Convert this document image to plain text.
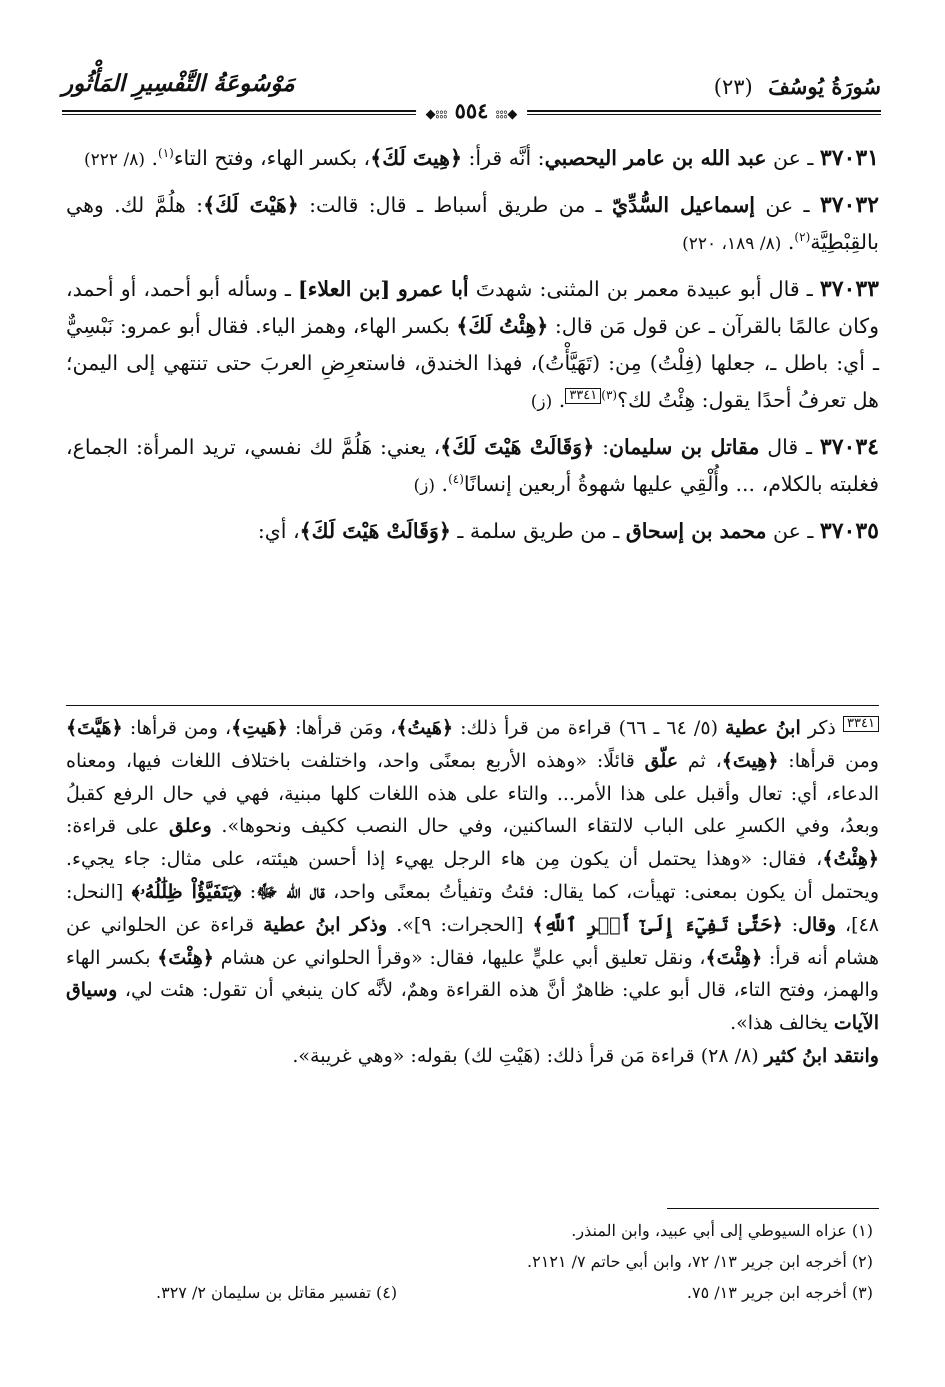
سُورَةُ يُوسُفَ (٢٣)
مَوْسُوعَةُ التَّفْسِيرِ المَأْثُور
◆⦂⦂⦂ ٥٥٤ ⦂⦂⦂◆

٣٧٠٣١ ـ عن عبد الله بن عامر اليحصبي: أنَّه قرأ: ﴿هِيتَ لَكَ﴾، بكسر الهاء، وفتح التاء$^{(١)}$. (٨/ ٢٢٢)

٣٧٠٣٢ ـ عن إسماعيل السُّدِّيّ ـ من طريق أسباط ـ قال: قالت: ﴿هَيْتَ لَكَ﴾: هلُمَّ لك. وهي بالقِبْطِيَّة$^{(٢)}$. (٨/ ١٨٩، ٢٢٠)

٣٧٠٣٣ ـ قال أبو عبيدة معمر بن المثنى: شهدتَ أبا عمرو [بن العلاء] ـ وسأله أبو أحمد، أو أحمد، وكان عالمًا بالقرآن ـ عن قول مَن قال: ﴿هِئْتُ لَكَ﴾ بكسر الهاء، وهمز الياء. فقال أبو عمرو: نَبْسِيٌّ ـ أي: باطل ـ، جعلها (فِلْتُ) مِن: (تَهَيَّأْتُ)، فهذا الخندق، فاستعرِضِ العربَ حتى تنتهي إلى اليمن؛ هل تعرفُ أحدًا يقول: هِئْتُ لك؟$^{(٣)}$٣٣٤١. (ز)

٣٧٠٣٤ ـ قال مقاتل بن سليمان: ﴿وَقَالَتْ هَيْتَ لَكَ﴾، يعني: هَلُمَّ لك نفسي، تريد المرأة: الجماع، فغلبته بالكلام، ... وأُلْقِي عليها شهوةُ أربعين إنسانًا$^{(٤)}$. (ز)

٣٧٠٣٥ ـ عن محمد بن إسحاق ـ من طريق سلمة ـ ﴿وَقَالَتْ هَيْتَ لَكَ﴾، أي:

٣٣٤١ ذكر ابنُ عطية (٥/ ٦٤ ـ ٦٦) قراءة من قرأ ذلك: ﴿هَيتُ﴾، ومَن قرأها: ﴿هَيتِ﴾، ومن قرأها: ﴿هَيَّتَ﴾ ومن قرأها: ﴿هِيتَ﴾، ثم علّق قائلًا: «وهذه الأربع بمعنًى واحد، واختلفت باختلاف اللغات فيها، ومعناه الدعاء، أي: تعال وأقبل على هذا الأمر... والتاء على هذه اللغات كلها مبنية، فهي في حال الرفع كقبلُ وبعدُ، وفي الكسرِ على الباب لالتقاء الساكنين، وفي حال النصب ككيف ونحوها». وعلق على قراءة: ﴿هِئْتُ﴾، فقال: «وهذا يحتمل أن يكون مِن هاء الرجل يهيء إذا أحسن هيئته، على مثال: جاء يجيء. ويحتمل أن يكون بمعنى: تهيأت، كما يقال: فئتُ وتفيأتُ بمعنًى واحد، قال الله ﷻ: ﴿يَتَفَيَّؤُاْ ظِلَٰلُهُۥ﴾ [النحل: ٤٨]، وقال: ﴿حَتَّىٰ تَفِيٓءَ إِلَىٰٓ أَمۡرِ ٱللَّهِ﴾ [الحجرات: ٩]». وذكر ابنُ عطية قراءة عن الحلواني عن هشام أنه قرأ: ﴿هِئْتَ﴾، ونقل تعليق أبي عليٍّ عليها، فقال: «وقرأ الحلواني عن هشام ﴿هِئْتَ﴾ بكسر الهاء والهمز، وفتح التاء، قال أبو علي: ظاهرٌ أنَّ هذه القراءة وهمٌ، لأنَّه كان ينبغي أن تقول: هئت لي، وسياق الآيات يخالف هذا».

وانتقد ابنُ كثير (٨/ ٢٨) قراءة مَن قرأ ذلك: (هَيْتِ لك) بقوله: «وهي غريبة».

(١) عزاه السيوطي إلى أبي عبيد، وابن المنذر.
(٢) أخرجه ابن جرير ١٣/ ٧٢، وابن أبي حاتم ٧/ ٢١٢١.
(٣) أخرجه ابن جرير ١٣/ ٧٥.
(٤) تفسير مقاتل بن سليمان ٢/ ٣٢٧.
